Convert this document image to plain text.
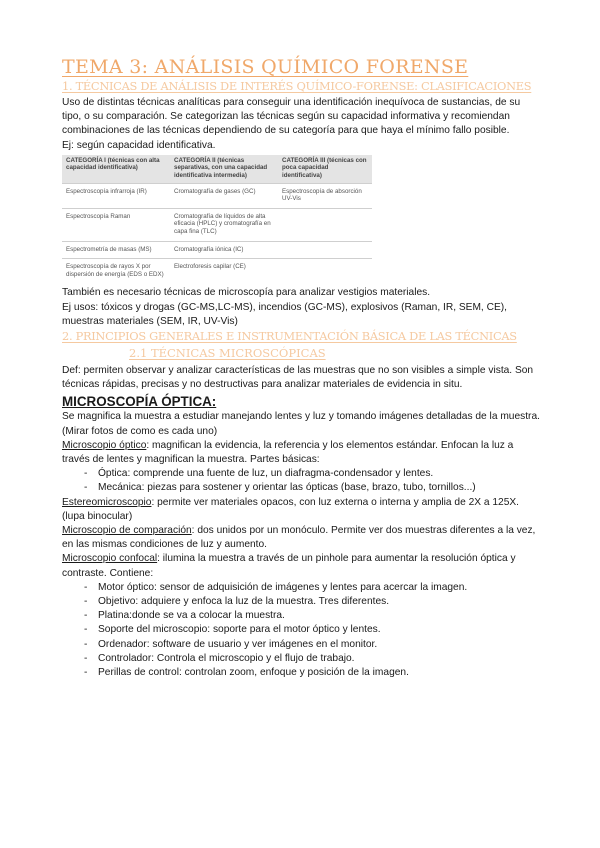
TEMA 3: ANÁLISIS QUÍMICO FORENSE
1. TÉCNICAS DE ANÁLISIS DE INTERÉS QUÍMICO-FORENSE: CLASIFICACIONES

Uso de distintas técnicas analíticas para conseguir una identificación inequívoca de sustancias, de su tipo, o su comparación. Se categorizan las técnicas según su capacidad informativa y recomiendan combinaciones de las técnicas dependiendo de su categoría para que haya el mínimo fallo posible.

Ej: según capacidad identificativa.

CATEGORÍA I (técnicas con alta capacidad identificativa)	CATEGORÍA II (técnicas separativas, con una capacidad identificativa intermedia)	CATEGORÍA III (técnicas con poca capacidad identificativa)
Espectroscopía infrarroja (IR)	Cromatografía de gases (GC)	Espectroscopía de absorción UV-Vis
Espectroscopía Raman	Cromatografía de líquidos de alta eficacia (HPLC) y cromatografía en capa fina (TLC)	
Espectrometría de masas (MS)	Cromatografía iónica (IC)	
Espectroscopía de rayos X por dispersión de energía (EDS o EDX)	Electroforesis capilar (CE)	

También es necesario técnicas de microscopía para analizar vestigios materiales.

Ej usos: tóxicos y drogas (GC-MS,LC-MS), incendios (GC-MS), explosivos (Raman, IR, SEM, CE), muestras materiales (SEM, IR, UV-Vis)

2. PRINCIPIOS GENERALES E INSTRUMENTACIÓN BÁSICA DE LAS TÉCNICAS
2.1 TÉCNICAS MICROSCÓPICAS

Def: permiten observar y analizar características de las muestras que no son visibles a simple vista. Son técnicas rápidas, precisas y no destructivas para analizar materiales de evidencia in situ.

MICROSCOPÍA ÓPTICA:

Se magnifica la muestra a estudiar manejando lentes y luz y tomando imágenes detalladas de la muestra. (Mirar fotos de como es cada uno)

Microscopio óptico: magnifican la evidencia, la referencia y los elementos estándar. Enfocan la luz a través de lentes y magnifican la muestra. Partes básicas:

- Óptica: comprende una fuente de luz, un diafragma-condensador y lentes.
- Mecánica: piezas para sostener y orientar las ópticas (base, brazo, tubo, tornillos...)

Estereomicroscopio: permite ver materiales opacos, con luz externa o interna y amplia de 2X a 125X. (lupa binocular)

Microscopio de comparación: dos unidos por un monóculo. Permite ver dos muestras diferentes a la vez, en las mismas condiciones de luz y aumento.

Microscopio confocal: ilumina la muestra a través de un pinhole para aumentar la resolución óptica y contraste. Contiene:

- Motor óptico: sensor de adquisición de imágenes y lentes para acercar la imagen.
- Objetivo: adquiere y enfoca la luz de la muestra. Tres diferentes.
- Platina:donde se va a colocar la muestra.
- Soporte del microscopio: soporte para el motor óptico y lentes.
- Ordenador: software de usuario y ver imágenes en el monitor.
- Controlador: Controla el microscopio y el flujo de trabajo.
- Perillas de control: controlan zoom, enfoque y posición de la imagen.
